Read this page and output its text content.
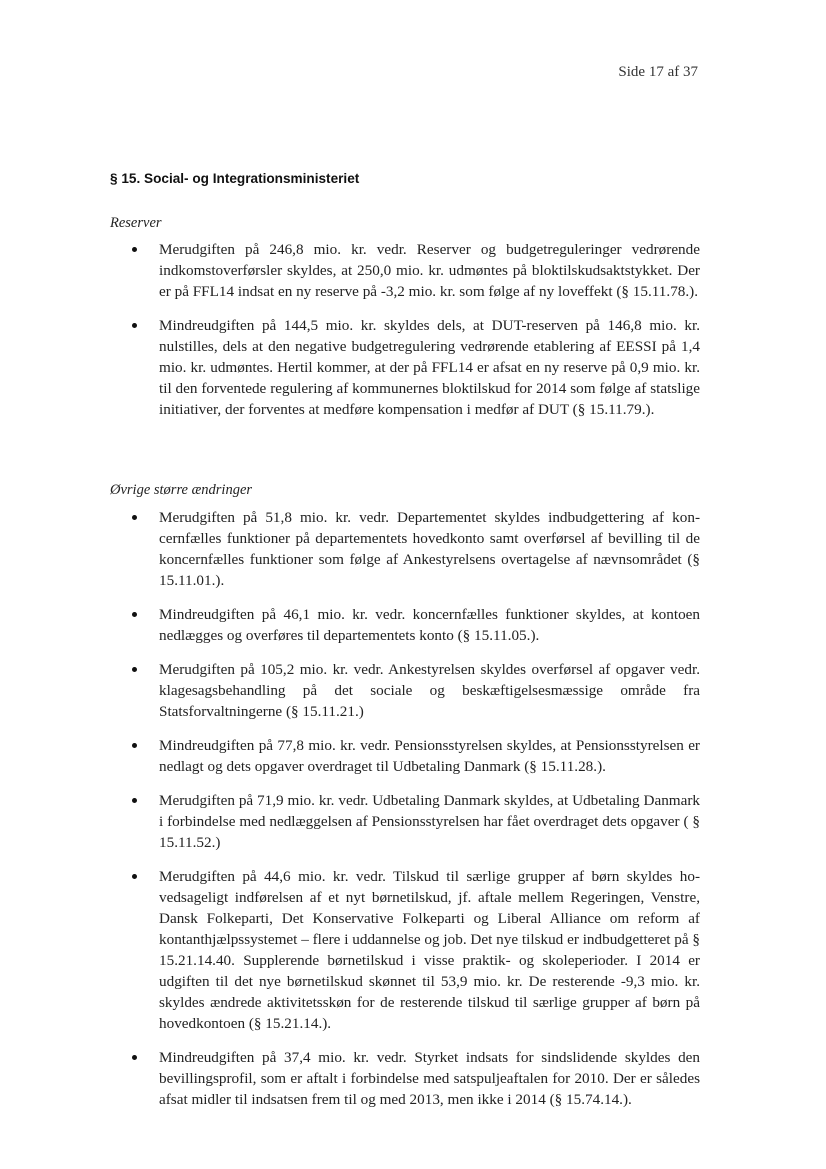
Side 17 af 37
§ 15. Social- og Integrationsministeriet
Reserver
Merudgiften på 246,8 mio. kr. vedr. Reserver og budgetreguleringer vedrørende indkomstoverførsler skyldes, at 250,0 mio. kr. udmøntes på bloktilskudsaktstykket. Der er på FFL14 indsat en ny reserve på -3,2 mio. kr. som følge af ny loveffekt (§ 15.11.78.).
Mindreudgiften på 144,5 mio. kr. skyldes dels, at DUT-reserven på 146,8 mio. kr. nulstilles, dels at den negative budgetregulering vedrørende etablering af EESSI på 1,4 mio. kr. udmøntes. Hertil kommer, at der på FFL14 er afsat en ny reserve på 0,9 mio. kr. til den forventede regulering af kommunernes bloktilskud for 2014 som følge af statslige initiativer, der forventes at medføre kompensation i medfør af DUT (§ 15.11.79.).
Øvrige større ændringer
Merudgiften på 51,8 mio. kr. vedr. Departementet skyldes indbudgettering af koncernfælles funktioner på departementets hovedkonto samt overførsel af bevilling til de koncernfælles funktioner som følge af Ankestyrelsens overtagelse af nævnsområdet (§ 15.11.01.).
Mindreudgiften på 46,1 mio. kr. vedr. koncernfælles funktioner skyldes, at kontoen nedlægges og overføres til departementets konto (§ 15.11.05.).
Merudgiften på 105,2 mio. kr. vedr. Ankestyrelsen skyldes overførsel af opgaver vedr. klagesagsbehandling på det sociale og beskæftigelsesmæssige område fra Statsforvaltningerne (§ 15.11.21.)
Mindreudgiften på 77,8 mio. kr. vedr. Pensionsstyrelsen skyldes, at Pensionsstyrelsen er nedlagt og dets opgaver overdraget til Udbetaling Danmark (§ 15.11.28.).
Merudgiften på 71,9 mio. kr. vedr. Udbetaling Danmark skyldes, at Udbetaling Danmark i forbindelse med nedlæggelsen af Pensionsstyrelsen har fået overdraget dets opgaver ( § 15.11.52.)
Merudgiften på 44,6 mio. kr. vedr. Tilskud til særlige grupper af børn skyldes hovedsageligt indførelsen af et nyt børnetilskud, jf. aftale mellem Regeringen, Venstre, Dansk Folkeparti, Det Konservative Folkeparti og Liberal Alliance om reform af kontanthjælpssystemet – flere i uddannelse og job. Det nye tilskud er indbudgetteret på § 15.21.14.40. Supplerende børnetilskud i visse praktik- og skoleperioder. I 2014 er udgiften til det nye børnetilskud skønnet til 53,9 mio. kr. De resterende -9,3 mio. kr. skyldes ændrede aktivitetsskøn for de resterende tilskud til særlige grupper af børn på hovedkontoen (§ 15.21.14.).
Mindreudgiften på 37,4 mio. kr. vedr. Styrket indsats for sindslidende skyldes den bevillingsprofil, som er aftalt i forbindelse med satspuljeaftalen for 2010. Der er således afsat midler til indsatsen frem til og med 2013, men ikke i 2014 (§ 15.74.14.).
